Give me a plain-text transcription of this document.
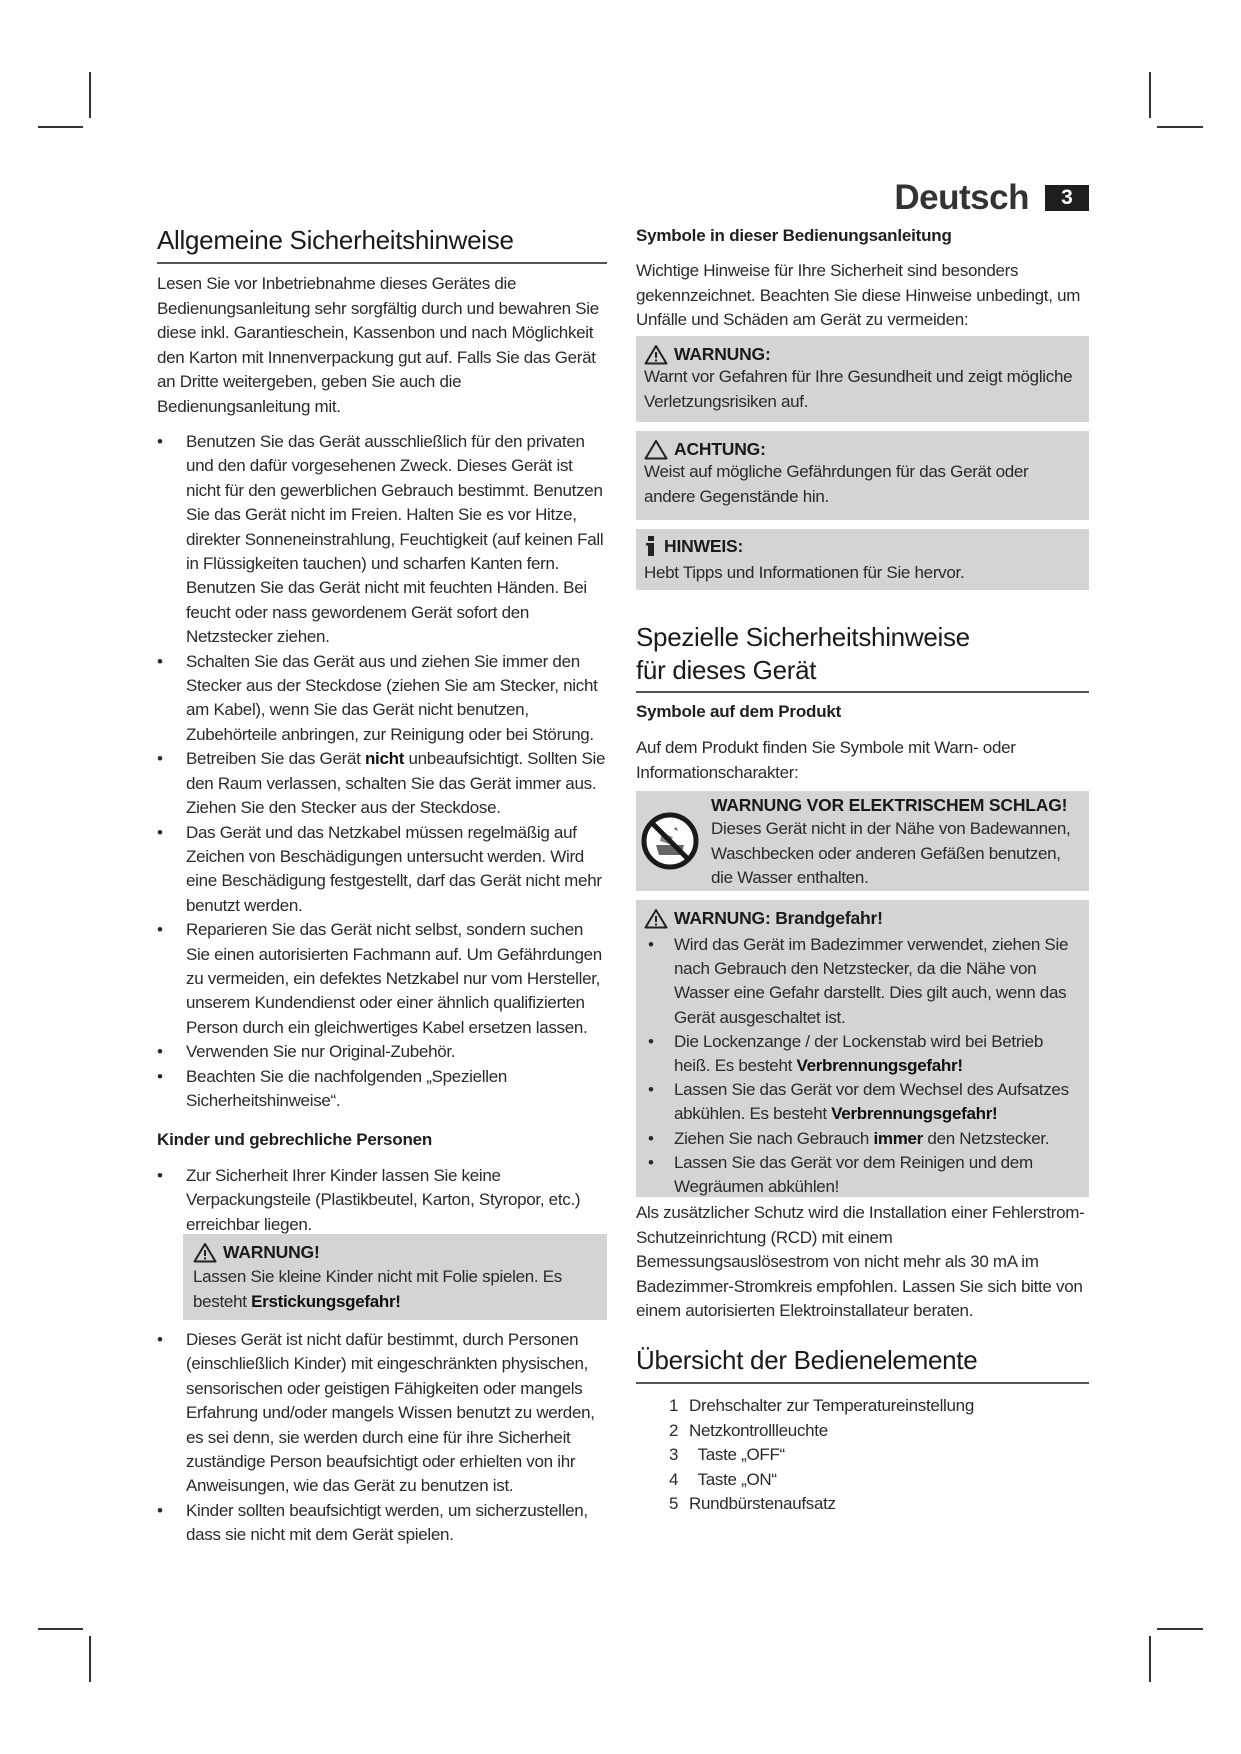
Deutsch	3
Allgemeine Sicherheitshinweise

Lesen Sie vor Inbetriebnahme dieses Gerätes die Bedienungsanleitung sehr sorgfältig durch und bewahren Sie diese inkl. Garantieschein, Kassenbon und nach Möglichkeit den Karton mit Innenverpackung gut auf. Falls Sie das Gerät an Dritte weitergeben, geben Sie auch die Bedienungsanleitung mit.

• Benutzen Sie das Gerät ausschließlich für den privaten und den dafür vorgesehenen Zweck. Dieses Gerät ist nicht für den gewerblichen Gebrauch bestimmt. Benutzen Sie das Gerät nicht im Freien. Halten Sie es vor Hitze, direkter Sonneneinstrahlung, Feuchtigkeit (auf keinen Fall in Flüssigkeiten tauchen) und scharfen Kanten fern. Benutzen Sie das Gerät nicht mit feuchten Händen. Bei feucht oder nass gewordenem Gerät sofort den Netzstecker ziehen.
• Schalten Sie das Gerät aus und ziehen Sie immer den Stecker aus der Steckdose (ziehen Sie am Stecker, nicht am Kabel), wenn Sie das Gerät nicht benutzen, Zubehörteile anbringen, zur Reinigung oder bei Störung.
• Betreiben Sie das Gerät nicht unbeaufsichtigt. Sollten Sie den Raum verlassen, schalten Sie das Gerät immer aus. Ziehen Sie den Stecker aus der Steckdose.
• Das Gerät und das Netzkabel müssen regelmäßig auf Zeichen von Beschädigungen untersucht werden. Wird eine Beschädigung festgestellt, darf das Gerät nicht mehr benutzt werden.
• Reparieren Sie das Gerät nicht selbst, sondern suchen Sie einen autorisierten Fachmann auf. Um Gefährdungen zu vermeiden, ein defektes Netzkabel nur vom Hersteller, unserem Kundendienst oder einer ähnlich qualifizierten Person durch ein gleichwertiges Kabel ersetzen lassen.
• Verwenden Sie nur Original-Zubehör.
• Beachten Sie die nachfolgenden „Speziellen Sicherheitshinweise“.
Kinder und gebrechliche Personen
• Zur Sicherheit Ihrer Kinder lassen Sie keine Verpackungsteile (Plastikbeutel, Karton, Styropor, etc.) erreichbar liegen.
WARNUNG!
Lassen Sie kleine Kinder nicht mit Folie spielen. Es besteht Erstickungsgefahr!
• Dieses Gerät ist nicht dafür bestimmt, durch Personen (einschließlich Kinder) mit eingeschränkten physischen, sensorischen oder geistigen Fähigkeiten oder mangels Erfahrung und/oder mangels Wissen benutzt zu werden, es sei denn, sie werden durch eine für ihre Sicherheit zuständige Person beaufsichtigt oder erhielten von ihr Anweisungen, wie das Gerät zu benutzen ist.
• Kinder sollten beaufsichtigt werden, um sicherzustellen, dass sie nicht mit dem Gerät spielen.
Symbole in dieser Bedienungsanleitung

Wichtige Hinweise für Ihre Sicherheit sind besonders gekennzeichnet. Beachten Sie diese Hinweise unbedingt, um Unfälle und Schäden am Gerät zu vermeiden:

WARNUNG:
Warnt vor Gefahren für Ihre Gesundheit und zeigt mögliche Verletzungsrisiken auf.
ACHTUNG:
Weist auf mögliche Gefährdungen für das Gerät oder andere Gegenstände hin.
HINWEIS:
Hebt Tipps und Informationen für Sie hervor.
Spezielle Sicherheitshinweise
für dieses Gerät
Symbole auf dem Produkt

Auf dem Produkt finden Sie Symbole mit Warn- oder Informationscharakter:

WARNUNG VOR ELEKTRISCHEM SCHLAG!
Dieses Gerät nicht in der Nähe von Badewannen, Waschbecken oder anderen Gefäßen benutzen, die Wasser enthalten.
WARNUNG: Brandgefahr!
• Wird das Gerät im Badezimmer verwendet, ziehen Sie nach Gebrauch den Netzstecker, da die Nähe von Wasser eine Gefahr darstellt. Dies gilt auch, wenn das Gerät ausgeschaltet ist.
• Die Lockenzange / der Lockenstab wird bei Betrieb heiß. Es besteht Verbrennungsgefahr!
• Lassen Sie das Gerät vor dem Wechsel des Aufsatzes abkühlen. Es besteht Verbrennungsgefahr!
• Ziehen Sie nach Gebrauch immer den Netzstecker.
• Lassen Sie das Gerät vor dem Reinigen und dem Wegräumen abkühlen!

Als zusätzlicher Schutz wird die Installation einer Fehlerstrom-Schutzeinrichtung (RCD) mit einem Bemessungsauslösestrom von nicht mehr als 30 mA im Badezimmer-Stromkreis empfohlen. Lassen Sie sich bitte von einem autorisierten Elektroinstallateur beraten.

Übersicht der Bedienelemente
1 Drehschalter zur Temperatureinstellung
2 Netzkontrollleuchte
3 Taste „OFF“
4 Taste „ON“
5 Rundbürstenaufsatz
